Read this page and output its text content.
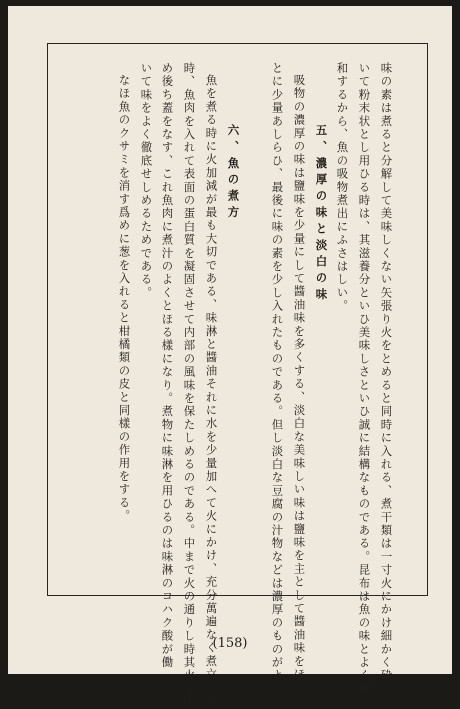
味の素は煮ると分解して美味しくない矢張り火をとめると同時に入れる、煮干類は一寸火にかけ細かく砕
いて粉末状とし用ひる時は、其滋養分といひ美味しさといひ誠に結構なものである。昆布は魚の味とよく調
和するから、魚の吸物煮出にふさはしい。
五、濃厚の味と淡白の味
吸物の濃厚の味は鹽味を少量にして醬油味を多くする、淡白な美味しい味は鹽味を主として醬油味をほん
とに少量あしらひ、最後に味の素を少し入れたものである。但し淡白な豆腐の汁物などは濃厚のものがよい。
六、魚の煮方
魚を煮る時に火加減が最も大切である、味淋と醬油それに水を少量加へて火にかけ、充分萬遍なく煮立つた
時、魚肉を入れて表面の蛋白質を凝固させて内部の風味を保たしめるのである。中まで火の通りし時其火を止
め後ち蓋をなす、これ魚肉に煮汁のよくとほる樣になり。煮物に味淋を用ひるのは味淋のコハク酸が働
いて味をよく徹底せしめるためである。
なほ魚のクサミを消す爲めに葱を入れると柑橘類の皮と同樣の作用をする。
(158)
